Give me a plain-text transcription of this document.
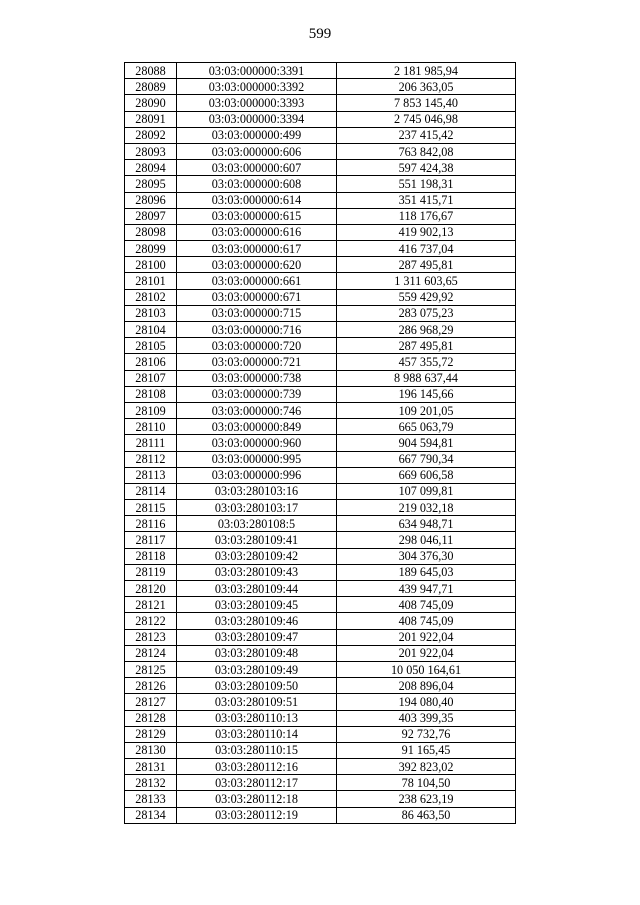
599
28088	03:03:000000:3391	2 181 985,94
28089	03:03:000000:3392	206 363,05
28090	03:03:000000:3393	7 853 145,40
28091	03:03:000000:3394	2 745 046,98
28092	03:03:000000:499	237 415,42
28093	03:03:000000:606	763 842,08
28094	03:03:000000:607	597 424,38
28095	03:03:000000:608	551 198,31
28096	03:03:000000:614	351 415,71
28097	03:03:000000:615	118 176,67
28098	03:03:000000:616	419 902,13
28099	03:03:000000:617	416 737,04
28100	03:03:000000:620	287 495,81
28101	03:03:000000:661	1 311 603,65
28102	03:03:000000:671	559 429,92
28103	03:03:000000:715	283 075,23
28104	03:03:000000:716	286 968,29
28105	03:03:000000:720	287 495,81
28106	03:03:000000:721	457 355,72
28107	03:03:000000:738	8 988 637,44
28108	03:03:000000:739	196 145,66
28109	03:03:000000:746	109 201,05
28110	03:03:000000:849	665 063,79
28111	03:03:000000:960	904 594,81
28112	03:03:000000:995	667 790,34
28113	03:03:000000:996	669 606,58
28114	03:03:280103:16	107 099,81
28115	03:03:280103:17	219 032,18
28116	03:03:280108:5	634 948,71
28117	03:03:280109:41	298 046,11
28118	03:03:280109:42	304 376,30
28119	03:03:280109:43	189 645,03
28120	03:03:280109:44	439 947,71
28121	03:03:280109:45	408 745,09
28122	03:03:280109:46	408 745,09
28123	03:03:280109:47	201 922,04
28124	03:03:280109:48	201 922,04
28125	03:03:280109:49	10 050 164,61
28126	03:03:280109:50	208 896,04
28127	03:03:280109:51	194 080,40
28128	03:03:280110:13	403 399,35
28129	03:03:280110:14	92 732,76
28130	03:03:280110:15	91 165,45
28131	03:03:280112:16	392 823,02
28132	03:03:280112:17	78 104,50
28133	03:03:280112:18	238 623,19
28134	03:03:280112:19	86 463,50
